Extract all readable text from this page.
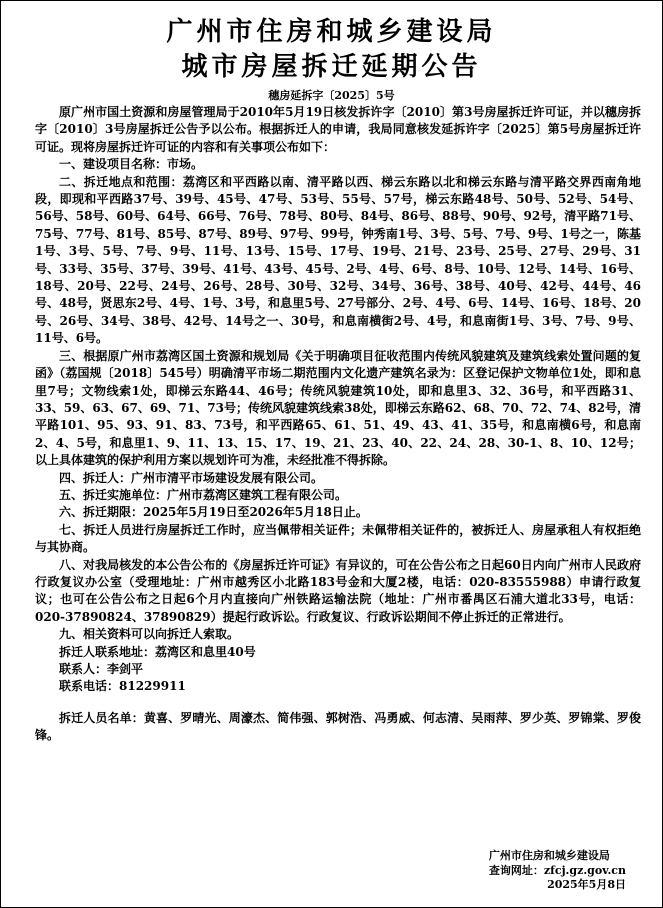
广州市住房和城乡建设局
城市房屋拆迁延期公告
穗房延拆字〔2025〕5号

原广州市国土资源和房屋管理局于2010年5月19日核发拆许字〔2010〕第3号房屋拆迁许可证，并以穗房拆字〔2010〕3号房屋拆迁公告予以公布。根据拆迁人的申请，我局同意核发延拆许字〔2025〕第5号房屋拆迁许可证。现将房屋拆迁许可证的内容和有关事项公布如下：

一、建设项目名称：市场。

二、拆迁地点和范围：荔湾区和平西路以南、清平路以西、梯云东路以北和梯云东路与清平路交界西南角地段，即现和平西路37号、39号、45号、47号、53号、55号、57号，梯云东路48号、50号、52号、54号、56号、58号、60号、64号、66号、76号、78号、80号、84号、86号、88号、90号、92号，清平路71号、75号、77号、81号、85号、87号、89号、97号、99号，钟秀南1号、3号、5号、7号、9号、1号之一，陈基1号、3号、5号、7号、9号、11号、13号、15号、17号、19号、21号、23号、25号、27号、29号、31号、33号、35号、37号、39号、41号、43号、45号、2号、4号、6号、8号、10号、12号、14号、16号、18号、20号、22号、24号、26号、28号、30号、32号、34号、36号、38号、40号、42号、44号、46号、48号，贤思东2号、4号、1号、3号，和息里5号、27号部分、2号、4号、6号、14号、16号、18号、20号、26号、34号、38号、42号、14号之一、30号，和息南横街2号、4号，和息南街1号、3号、7号、9号、11号、6号。

三、根据原广州市荔湾区国土资源和规划局《关于明确项目征收范围内传统风貌建筑及建筑线索处置问题的复函》（荔国规〔2018〕545号）明确清平市场二期范围内文化遗产建筑名录为：区登记保护文物单位1处，即和息里7号；文物线索1处，即梯云东路44、46号；传统风貌建筑10处，即和息里3、32、36号，和平西路31、33、59、63、67、69、71、73号；传统风貌建筑线索38处，即梯云东路62、68、70、72、74、82号，清平路101、95、93、91、83、73号，和平西路65、61、51、49、43、41、35号，和息南横6号，和息南2、4、5号，和息里1、9、11、13、15、17、19、21、23、40、22、24、28、30-1、8、10、12号；以上具体建筑的保护利用方案以规划许可为准，未经批准不得拆除。

四、拆迁人：广州市清平市场建设发展有限公司。

五、拆迁实施单位：广州市荔湾区建筑工程有限公司。

六、拆迁期限：2025年5月19日至2026年5月18日止。

七、拆迁人员进行房屋拆迁工作时，应当佩带相关证件；未佩带相关证件的，被拆迁人、房屋承租人有权拒绝与其协商。

八、对我局核发的本公告公布的《房屋拆迁许可证》有异议的，可在公告公布之日起60日内向广州市人民政府行政复议办公室（受理地址：广州市越秀区小北路183号金和大厦2楼，电话：020-83555988）申请行政复议；也可在公告公布之日起6个月内直接向广州铁路运输法院（地址：广州市番禺区石浦大道北33号，电话：020-37890824、37890829）提起行政诉讼。行政复议、行政诉讼期间不停止拆迁的正常进行。

九、相关资料可以向拆迁人索取。

拆迁人联系地址：荔湾区和息里40号

联系人：李剑平

联系电话：81229911

拆迁人员名单：黄喜、罗晴光、周濠杰、简伟强、郭树浩、冯勇威、何志清、吴雨萍、罗少英、罗锦棠、罗俊锋。

广州市住房和城乡建设局
查询网址：zfcj.gz.gov.cn
2025年5月8日
